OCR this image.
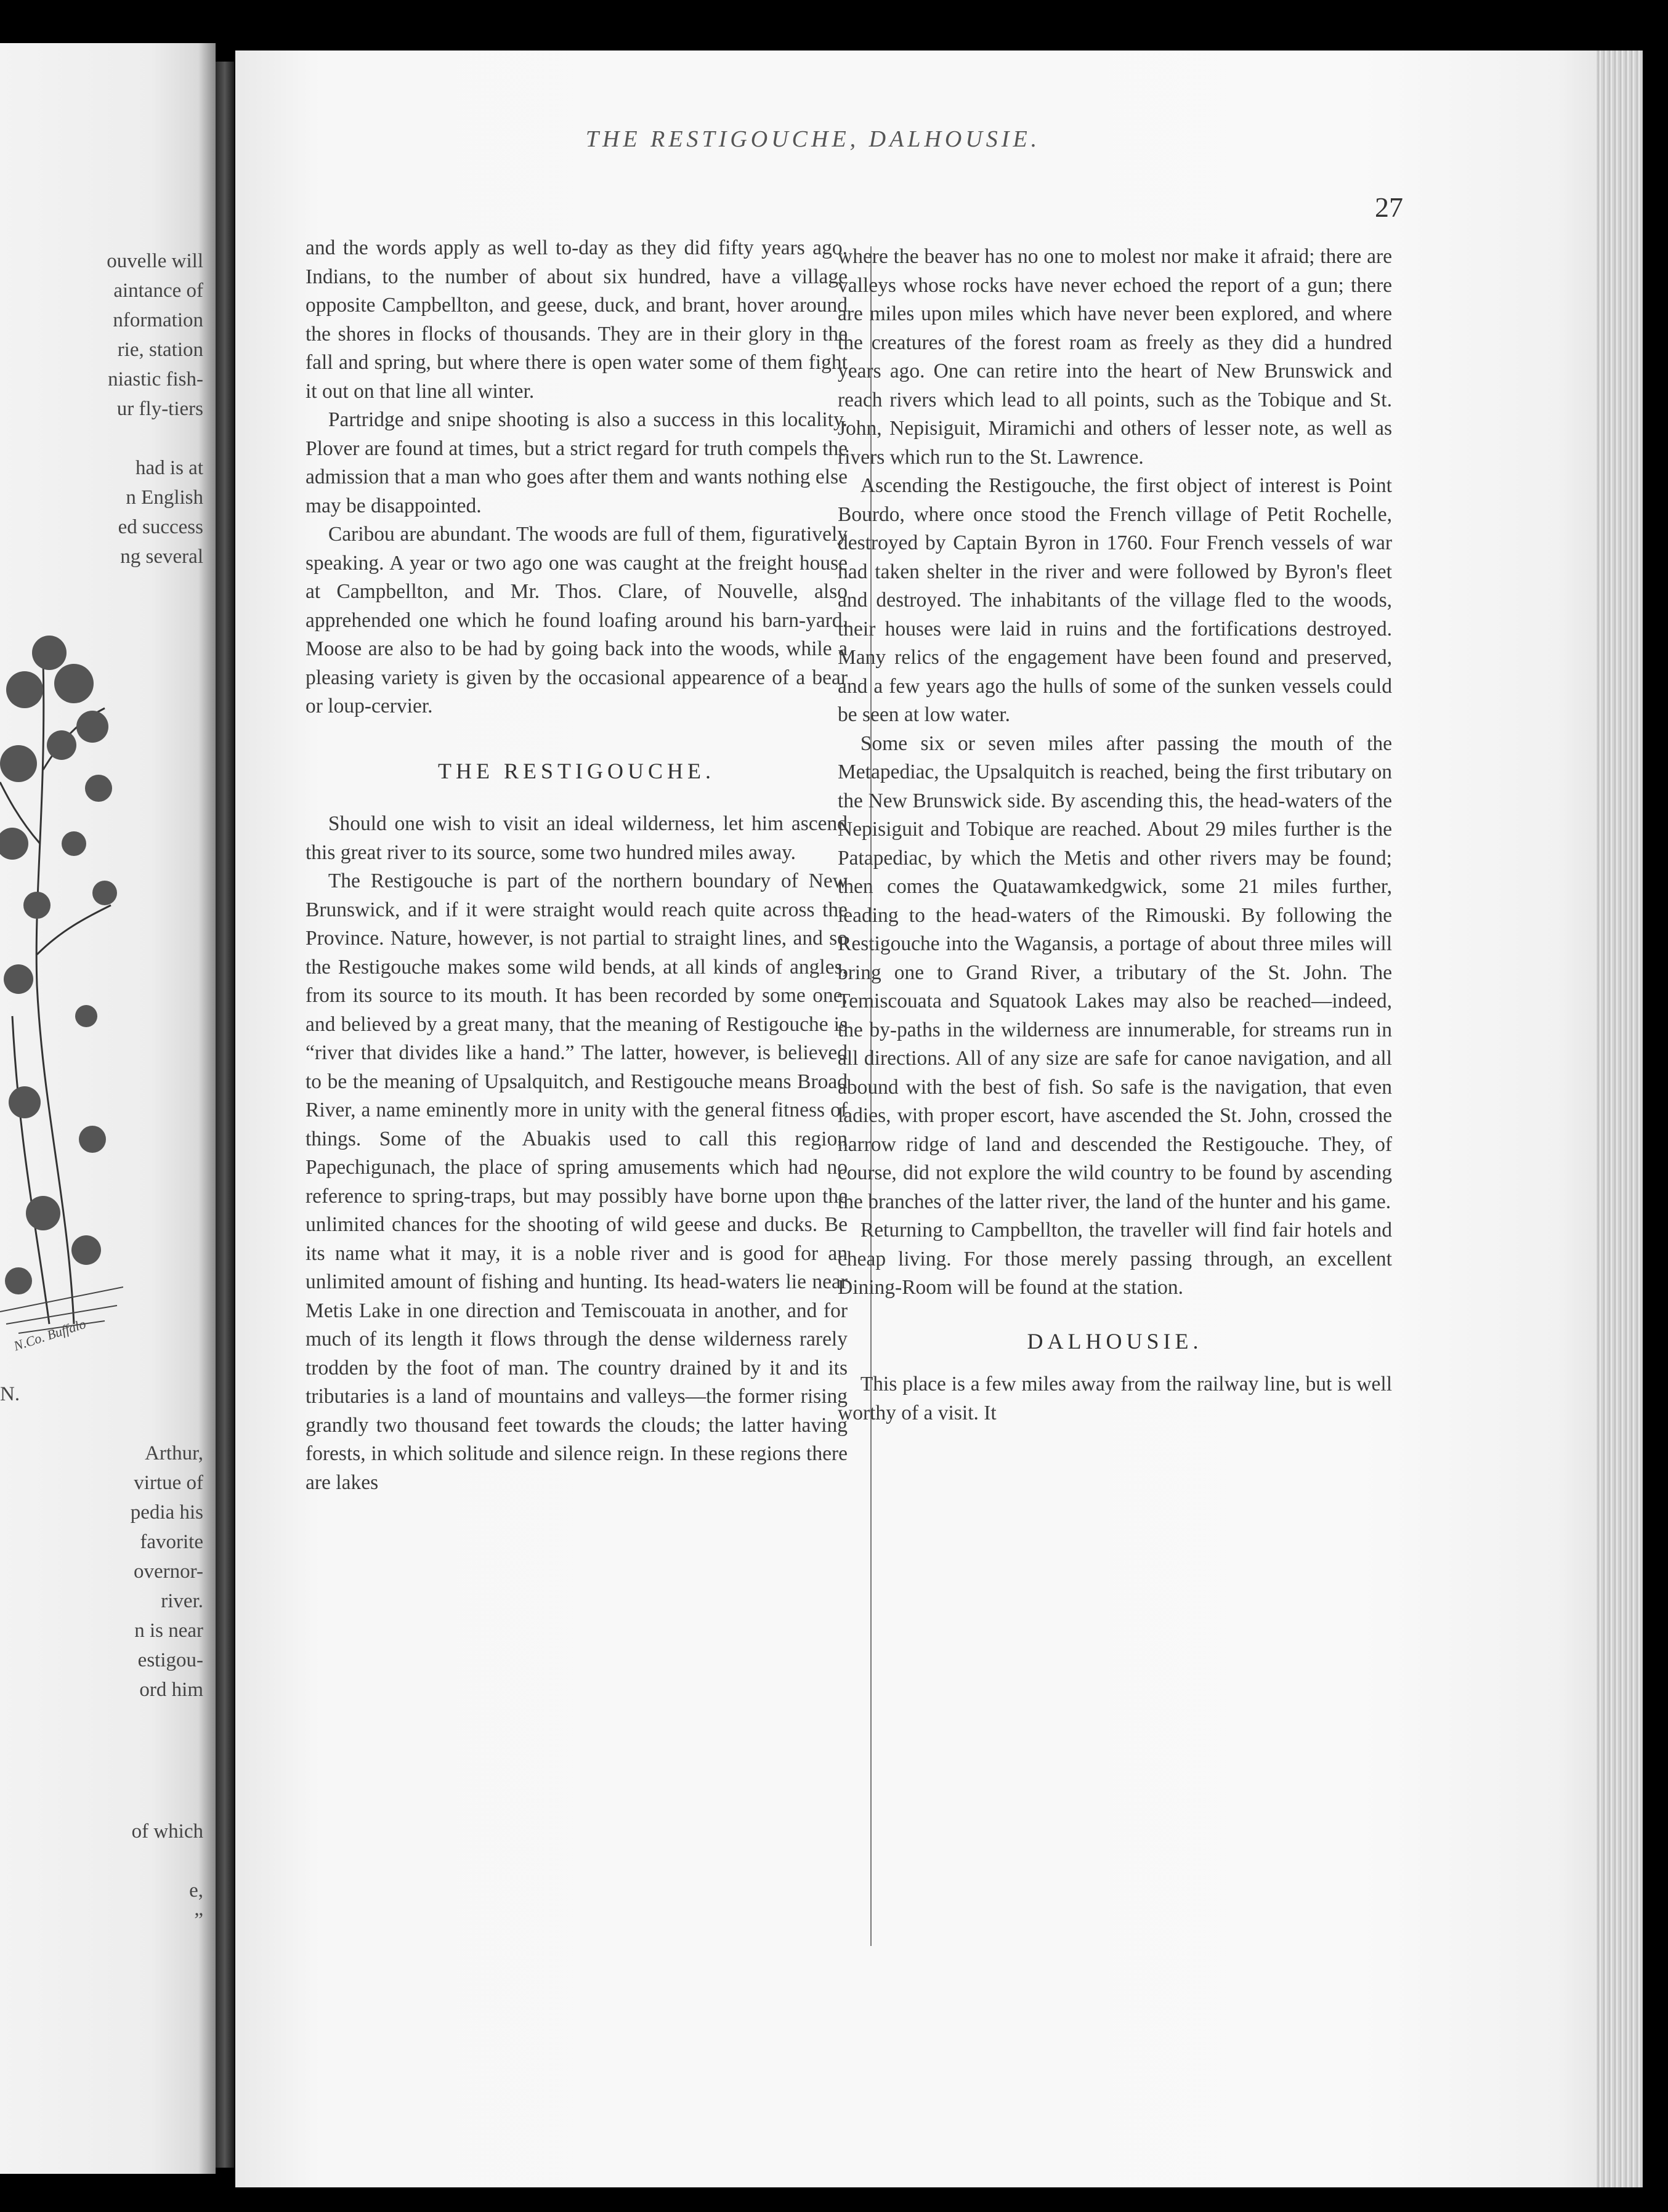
ouvelle will
aintance of
nformation
rie, station
niastic fish-
ur fly-tiers
had is at
n English
ed success
ng several
N.Co. Buffalo
N.
Arthur,
virtue of
pedia his
favorite
overnor-
river.
n is near
estigou-
ord him
of which
e,
”
THE RESTIGOUCHE, DALHOUSIE.
27

and the words apply as well to-day as they did fifty years ago. Indians, to the number of about six hundred, have a village opposite Campbellton, and geese, duck, and brant, hover around the shores in flocks of thousands. They are in their glory in the fall and spring, but where there is open water some of them fight it out on that line all winter.

Partridge and snipe shooting is also a success in this locality. Plover are found at times, but a strict regard for truth compels the admission that a man who goes after them and wants nothing else may be disappointed.

Caribou are abundant. The woods are full of them, figuratively speaking. A year or two ago one was caught at the freight house at Campbellton, and Mr. Thos. Clare, of Nouvelle, also apprehended one which he found loafing around his barn-yard. Moose are also to be had by going back into the woods, while a pleasing variety is given by the occasional appearence of a bear or loup-cervier.

THE RESTIGOUCHE.

Should one wish to visit an ideal wilderness, let him ascend this great river to its source, some two hundred miles away.

The Restigouche is part of the northern boundary of New Brunswick, and if it were straight would reach quite across the Province. Nature, however, is not partial to straight lines, and so the Restigouche makes some wild bends, at all kinds of angles, from its source to its mouth. It has been recorded by some one, and believed by a great many, that the meaning of Restigouche is “river that divides like a hand.” The latter, however, is believed to be the meaning of Upsalquitch, and Restigouche means Broad River, a name eminently more in unity with the general fitness of things. Some of the Abuakis used to call this region Papechigunach, the place of spring amusements which had no reference to spring-traps, but may possibly have borne upon the unlimited chances for the shooting of wild geese and ducks. Be its name what it may, it is a noble river and is good for an unlimited amount of fishing and hunting. Its head-waters lie near Metis Lake in one direction and Temiscouata in another, and for much of its length it flows through the dense wilderness rarely trodden by the foot of man. The country drained by it and its tributaries is a land of mountains and valleys—the former rising grandly two thousand feet towards the clouds; the latter having forests, in which solitude and silence reign. In these regions there are lakes

where the beaver has no one to molest nor make it afraid; there are valleys whose rocks have never echoed the report of a gun; there are miles upon miles which have never been explored, and where the creatures of the forest roam as freely as they did a hundred years ago. One can retire into the heart of New Brunswick and reach rivers which lead to all points, such as the Tobique and St. John, Nepisiguit, Miramichi and others of lesser note, as well as rivers which run to the St. Lawrence.

Ascending the Restigouche, the first object of interest is Point Bourdo, where once stood the French village of Petit Rochelle, destroyed by Captain Byron in 1760. Four French vessels of war had taken shelter in the river and were followed by Byron's fleet and destroyed. The inhabitants of the village fled to the woods, their houses were laid in ruins and the fortifications destroyed. Many relics of the engagement have been found and preserved, and a few years ago the hulls of some of the sunken vessels could be seen at low water.

Some six or seven miles after passing the mouth of the Metapediac, the Upsalquitch is reached, being the first tributary on the New Brunswick side. By ascending this, the head-waters of the Nepisiguit and Tobique are reached. About 29 miles further is the Patapediac, by which the Metis and other rivers may be found; then comes the Quatawamkedgwick, some 21 miles further, leading to the head-waters of the Rimouski. By following the Restigouche into the Wagansis, a portage of about three miles will bring one to Grand River, a tributary of the St. John. The Temiscouata and Squatook Lakes may also be reached—indeed, the by-paths in the wilderness are innumerable, for streams run in all directions. All of any size are safe for canoe navigation, and all abound with the best of fish. So safe is the navigation, that even ladies, with proper escort, have ascended the St. John, crossed the narrow ridge of land and descended the Restigouche. They, of course, did not explore the wild country to be found by ascending the branches of the latter river, the land of the hunter and his game.

Returning to Campbellton, the traveller will find fair hotels and cheap living. For those merely passing through, an excellent Dining-Room will be found at the station.

DALHOUSIE.

This place is a few miles away from the railway line, but is well worthy of a visit. It
